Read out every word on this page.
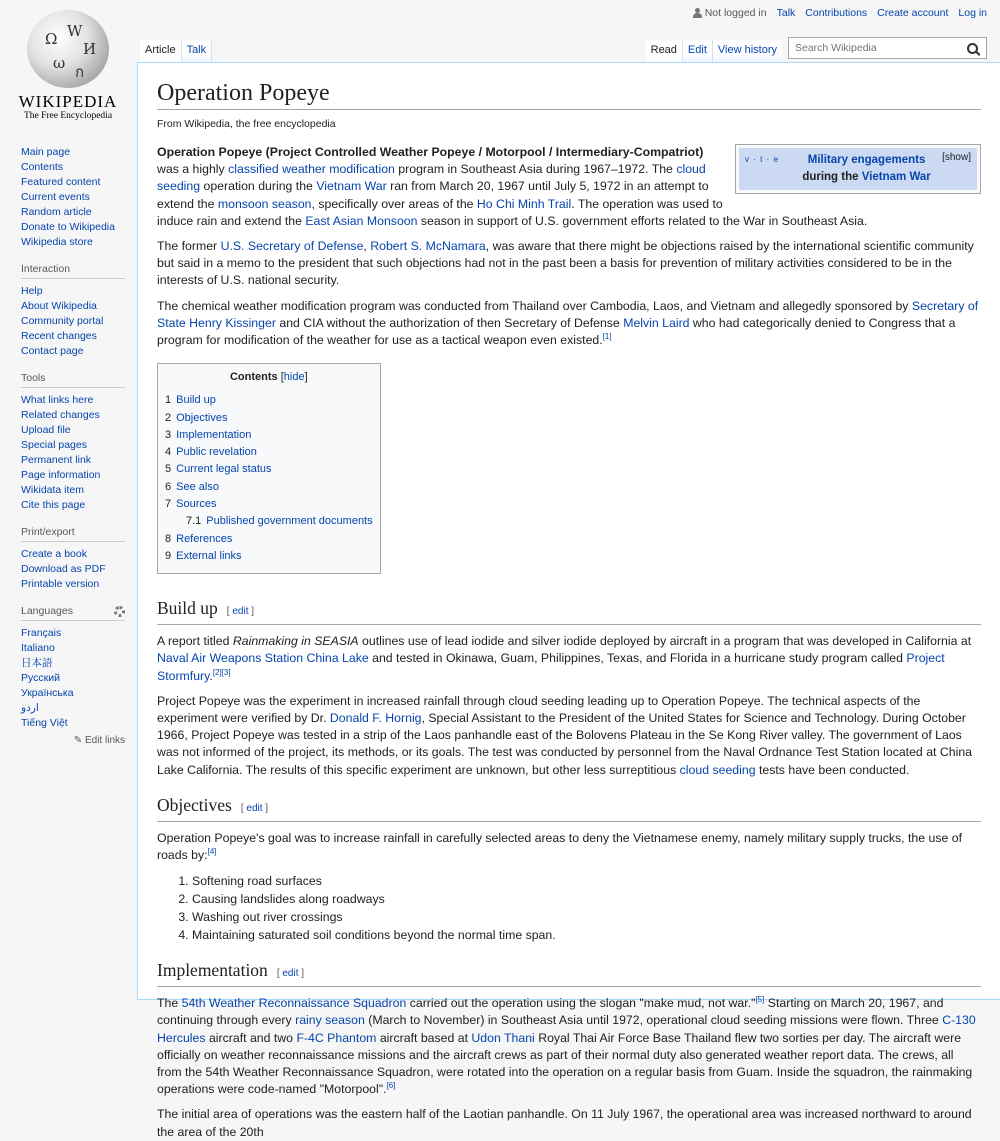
Not logged in Talk Contributions Create account Log in
Ω W
И
ω ก
WIKIPEDIA
The Free Encyclopedia
Main page
Contents
Featured content
Current events
Random article
Donate to Wikipedia
Wikipedia store
Interaction
Help
About Wikipedia
Community portal
Recent changes
Contact page
Tools
What links here
Related changes
Upload file
Special pages
Permanent link
Page information
Wikidata item
Cite this page
Print/export
Create a book
Download as PDF
Printable version
Languages
Français
Italiano
日本語
Русский
Українська
اردو
Tiếng Việt
✎ Edit links
Article	Talk	Read	Edit	View history
Search Wikipedia
Operation Popeye
From Wikipedia, the free encyclopedia
v · t · e	Military engagements
during the Vietnam War
[show]

Operation Popeye (Project Controlled Weather Popeye / Motorpool / Intermediary-Compatriot) was a highly classified weather modification program in Southeast Asia during 1967–1972. The cloud seeding operation during the Vietnam War ran from March 20, 1967 until July 5, 1972 in an attempt to extend the monsoon season, specifically over areas of the Ho Chi Minh Trail. The operation was used to induce rain and extend the East Asian Monsoon season in support of U.S. government efforts related to the War in Southeast Asia.

The former U.S. Secretary of Defense, Robert S. McNamara, was aware that there might be objections raised by the international scientific community but said in a memo to the president that such objections had not in the past been a basis for prevention of military activities considered to be in the interests of U.S. national security.

The chemical weather modification program was conducted from Thailand over Cambodia, Laos, and Vietnam and allegedly sponsored by Secretary of State Henry Kissinger and CIA without the authorization of then Secretary of Defense Melvin Laird who had categorically denied to Congress that a program for modification of the weather for use as a tactical weapon even existed.[1]

Contents [hide]
1 Build up
2 Objectives
3 Implementation
4 Public revelation
5 Current legal status
6 See also
7 Sources
7.1 Published government documents
8 References
9 External links
Build up [ edit ]

A report titled Rainmaking in SEASIA outlines use of lead iodide and silver iodide deployed by aircraft in a program that was developed in California at Naval Air Weapons Station China Lake and tested in Okinawa, Guam, Philippines, Texas, and Florida in a hurricane study program called Project Stormfury.[2][3]

Project Popeye was the experiment in increased rainfall through cloud seeding leading up to Operation Popeye. The technical aspects of the experiment were verified by Dr. Donald F. Hornig, Special Assistant to the President of the United States for Science and Technology. During October 1966, Project Popeye was tested in a strip of the Laos panhandle east of the Bolovens Plateau in the Se Kong River valley. The government of Laos was not informed of the project, its methods, or its goals. The test was conducted by personnel from the Naval Ordnance Test Station located at China Lake California. The results of this specific experiment are unknown, but other less surreptitious cloud seeding tests have been conducted.

Objectives [ edit ]

Operation Popeye's goal was to increase rainfall in carefully selected areas to deny the Vietnamese enemy, namely military supply trucks, the use of roads by:[4]

1. Softening road surfaces
2. Causing landslides along roadways
3. Washing out river crossings
4. Maintaining saturated soil conditions beyond the normal time span.
Implementation [ edit ]

The 54th Weather Reconnaissance Squadron carried out the operation using the slogan "make mud, not war."[5] Starting on March 20, 1967, and continuing through every rainy season (March to November) in Southeast Asia until 1972, operational cloud seeding missions were flown. Three C-130 Hercules aircraft and two F-4C Phantom aircraft based at Udon Thani Royal Thai Air Force Base Thailand flew two sorties per day. The aircraft were officially on weather reconnaissance missions and the aircraft crews as part of their normal duty also generated weather report data. The crews, all from the 54th Weather Reconnaissance Squadron, were rotated into the operation on a regular basis from Guam. Inside the squadron, the rainmaking operations were code-named "Motorpool".[6]

The initial area of operations was the eastern half of the Laotian panhandle. On 11 July 1967, the operational area was increased northward to around the area of the 20th
